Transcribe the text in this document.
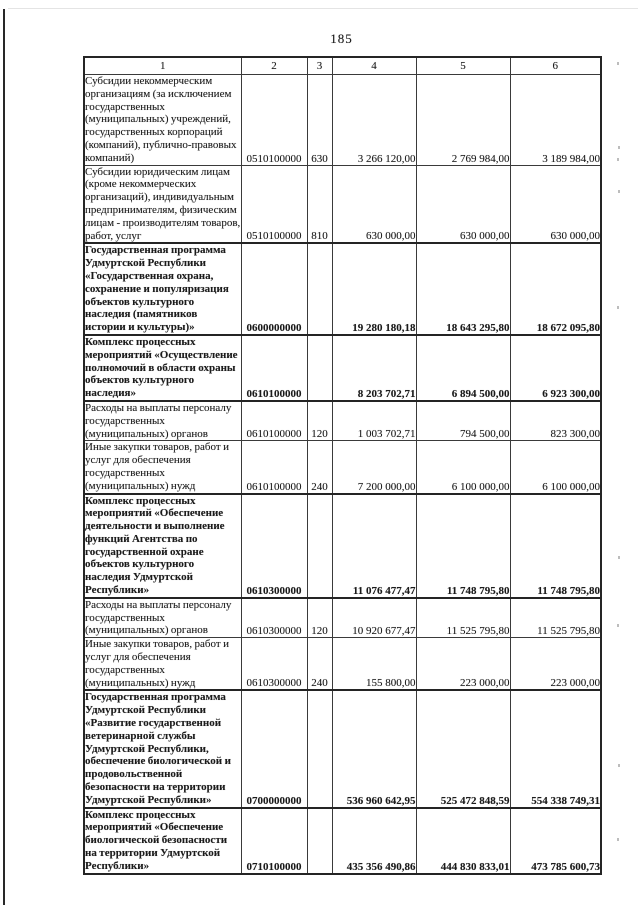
185
1	2	3	4	5	6
Субсидии некоммерческим организациям (за исключением государственных (муниципальных) учреждений, государственных корпораций (компаний), публично-правовых компаний)	0510100000	630	3 266 120,00	2 769 984,00	3 189 984,00
Субсидии юридическим лицам (кроме некоммерческих организаций), индивидуальным предпринимателям, физическим лицам - производителям товаров, работ, услуг	0510100000	810	630 000,00	630 000,00	630 000,00
Государственная программа Удмуртской Республики «Государственная охрана, сохранение и популяризация объектов культурного наследия (памятников истории и культуры)»	0600000000		19 280 180,18	18 643 295,80	18 672 095,80
Комплекс процессных мероприятий «Осуществление полномочий в области охраны объектов культурного наследия»	0610100000		8 203 702,71	6 894 500,00	6 923 300,00
Расходы на выплаты персоналу государственных (муниципальных) органов	0610100000	120	1 003 702,71	794 500,00	823 300,00
Иные закупки товаров, работ и услуг для обеспечения государственных (муниципальных) нужд	0610100000	240	7 200 000,00	6 100 000,00	6 100 000,00
Комплекс процессных мероприятий «Обеспечение деятельности и выполнение функций Агентства по государственной охране объектов культурного наследия Удмуртской Республики»	0610300000		11 076 477,47	11 748 795,80	11 748 795,80
Расходы на выплаты персоналу государственных (муниципальных) органов	0610300000	120	10 920 677,47	11 525 795,80	11 525 795,80
Иные закупки товаров, работ и услуг для обеспечения государственных (муниципальных) нужд	0610300000	240	155 800,00	223 000,00	223 000,00
Государственная программа Удмуртской Республики «Развитие государственной ветеринарной службы Удмуртской Республики, обеспечение биологической и продовольственной безопасности на территории Удмуртской Республики»	0700000000		536 960 642,95	525 472 848,59	554 338 749,31
Комплекс процессных мероприятий «Обеспечение биологической безопасности на территории Удмуртской Республики»	0710100000		435 356 490,86	444 830 833,01	473 785 600,73
